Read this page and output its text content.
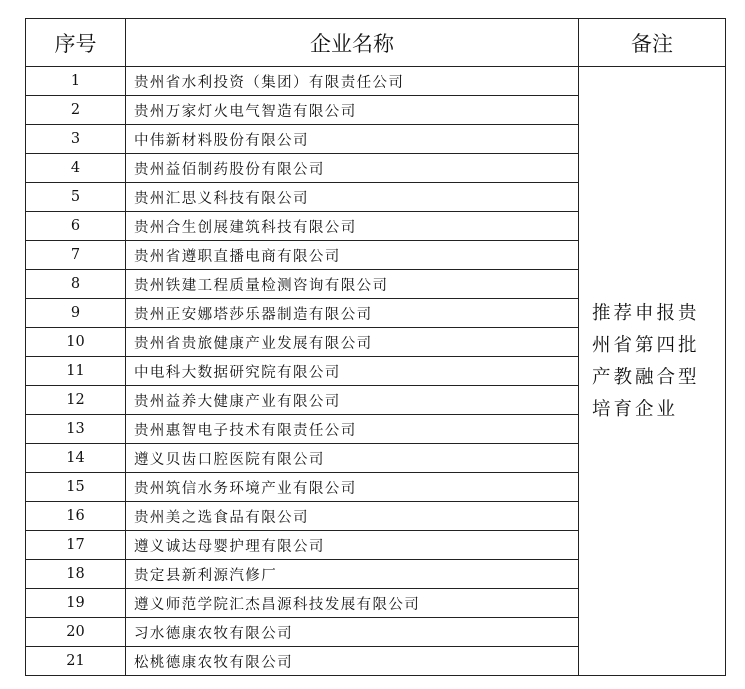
序号	企业名称	备注
1	贵州省水利投资（集团）有限责任公司	推荐申报贵州省第四批产教融合型培育企业
2	贵州万家灯火电气智造有限公司	
3	中伟新材料股份有限公司	
4	贵州益佰制药股份有限公司	
5	贵州汇思义科技有限公司	
6	贵州合生创展建筑科技有限公司	
7	贵州省遵职直播电商有限公司	
8	贵州铁建工程质量检测咨询有限公司	
9	贵州正安娜塔莎乐器制造有限公司	
10	贵州省贵旅健康产业发展有限公司	
11	中电科大数据研究院有限公司	
12	贵州益养大健康产业有限公司	
13	贵州惠智电子技术有限责任公司	
14	遵义贝齿口腔医院有限公司	
15	贵州筑信水务环境产业有限公司	
16	贵州美之选食品有限公司	
17	遵义诚达母婴护理有限公司	
18	贵定县新利源汽修厂	
19	遵义师范学院汇杰昌源科技发展有限公司	
20	习水德康农牧有限公司	
21	松桃德康农牧有限公司	
